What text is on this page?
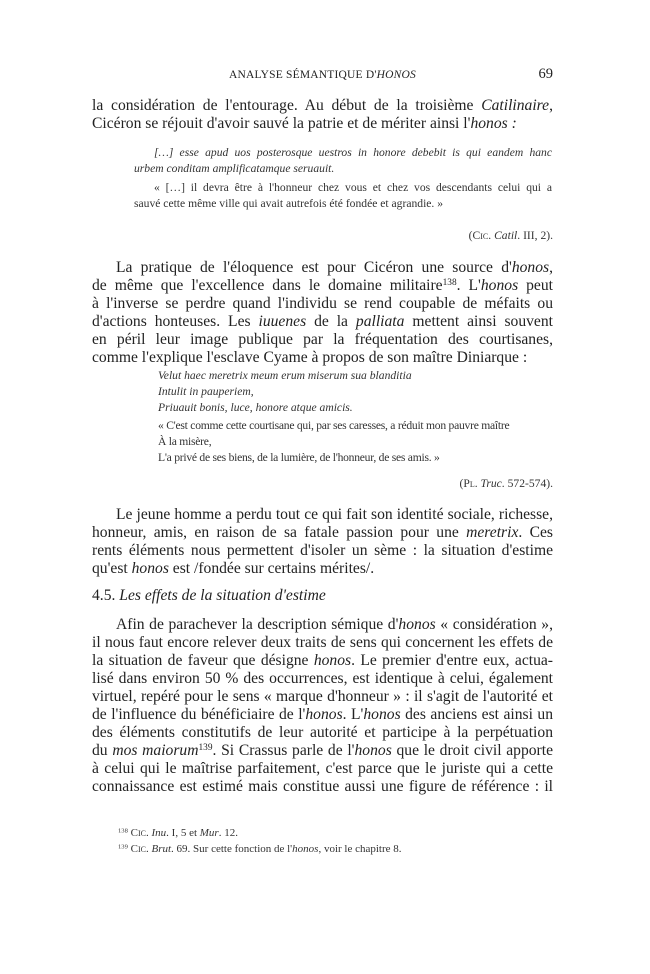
ANALYSE SÉMANTIQUE D'HONOS	69
la considération de l'entourage. Au début de la troisième Catilinaire,
Cicéron se réjouit d'avoir sauvé la patrie et de mériter ainsi l'honos :
[…] esse apud uos posterosque uestros in honore debebit is qui eandem hanc
urbem conditam amplificatamque seruauit.
« […] il devra être à l'honneur chez vous et chez vos descendants celui qui a
sauvé cette même ville qui avait autrefois été fondée et agrandie. »
(Cic. Catil. III, 2).
La pratique de l'éloquence est pour Cicéron une source d'honos,
de même que l'excellence dans le domaine militaire$^{138}$. L'honos peut
à l'inverse se perdre quand l'individu se rend coupable de méfaits ou
d'actions honteuses. Les iuuenes de la palliata mettent ainsi souvent
en péril leur image publique par la fréquentation des courtisanes,
comme l'explique l'esclave Cyame à propos de son maître Diniarque :
Velut haec meretrix meum erum miserum sua blanditia
Intulit in pauperiem,
Priuauit bonis, luce, honore atque amicis.
« C'est comme cette courtisane qui, par ses caresses, a réduit mon pauvre maître
À la misère,
L'a privé de ses biens, de la lumière, de l'honneur, de ses amis. »
(Pl. Truc. 572-574).
Le jeune homme a perdu tout ce qui fait son identité sociale, richesse,
honneur, amis, en raison de sa fatale passion pour une meretrix. Ces
rents éléments nous permettent d'isoler un sème : la situation d'estime
qu'est honos est /fondée sur certains mérites/.
4.5. Les effets de la situation d'estime
Afin de parachever la description sémique d'honos « considération »,
il nous faut encore relever deux traits de sens qui concernent les effets de
la situation de faveur que désigne honos. Le premier d'entre eux, actua-
lisé dans environ 50 % des occurrences, est identique à celui, également
virtuel, repéré pour le sens « marque d'honneur » : il s'agit de l'autorité et
de l'influence du bénéficiaire de l'honos. L'honos des anciens est ainsi un
des éléments constitutifs de leur autorité et participe à la perpétuation
du mos maiorum$^{139}$. Si Crassus parle de l'honos que le droit civil apporte
à celui qui le maîtrise parfaitement, c'est parce que le juriste qui a cette
connaissance est estimé mais constitue aussi une figure de référence : il
$^{138}$ Cic. Inu. I, 5 et Mur. 12.
$^{139}$ Cic. Brut. 69. Sur cette fonction de l'honos, voir le chapitre 8.
